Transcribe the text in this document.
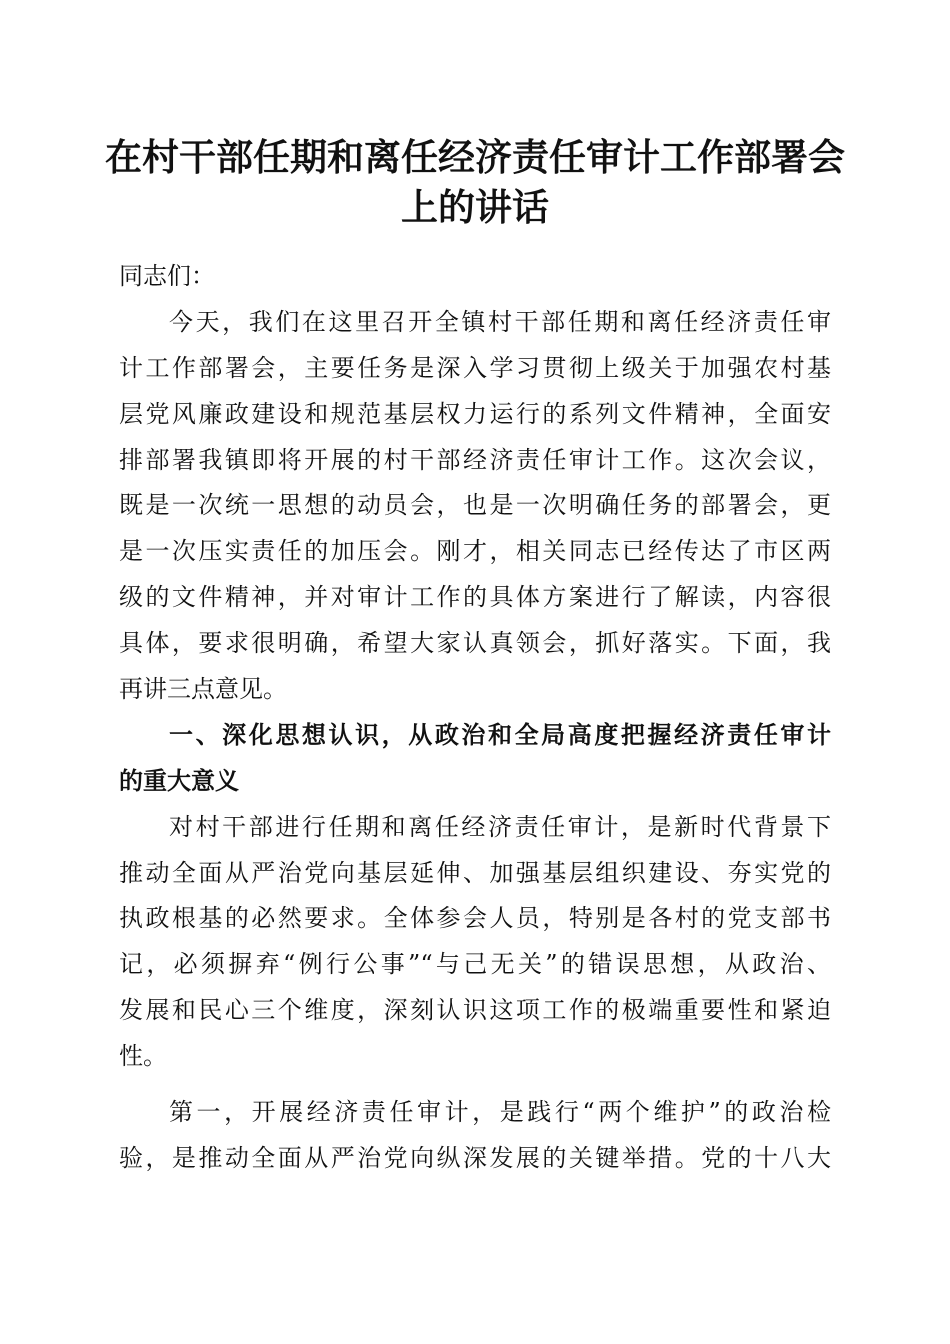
在村干部任期和离任经济责任审计工作部署会
上的讲话
同志们：
今天，我们在这里召开全镇村干部任期和离任经济责任审
计工作部署会，主要任务是深入学习贯彻上级关于加强农村基
层党风廉政建设和规范基层权力运行的系列文件精神，全面安
排部署我镇即将开展的村干部经济责任审计工作。这次会议，
既是一次统一思想的动员会，也是一次明确任务的部署会，更
是一次压实责任的加压会。刚才，相关同志已经传达了市区两
级的文件精神，并对审计工作的具体方案进行了解读，内容很
具体，要求很明确，希望大家认真领会，抓好落实。下面，我
再讲三点意见。
一、深化思想认识，从政治和全局高度把握经济责任审计
的重大意义
对村干部进行任期和离任经济责任审计，是新时代背景下
推动全面从严治党向基层延伸、加强基层组织建设、夯实党的
执政根基的必然要求。全体参会人员，特别是各村的党支部书
记，必须摒弃“例行公事”“与己无关”的错误思想，从政治、
发展和民心三个维度，深刻认识这项工作的极端重要性和紧迫
性。
第一，开展经济责任审计，是践行“两个维护”的政治检
验，是推动全面从严治党向纵深发展的关键举措。党的十八大
